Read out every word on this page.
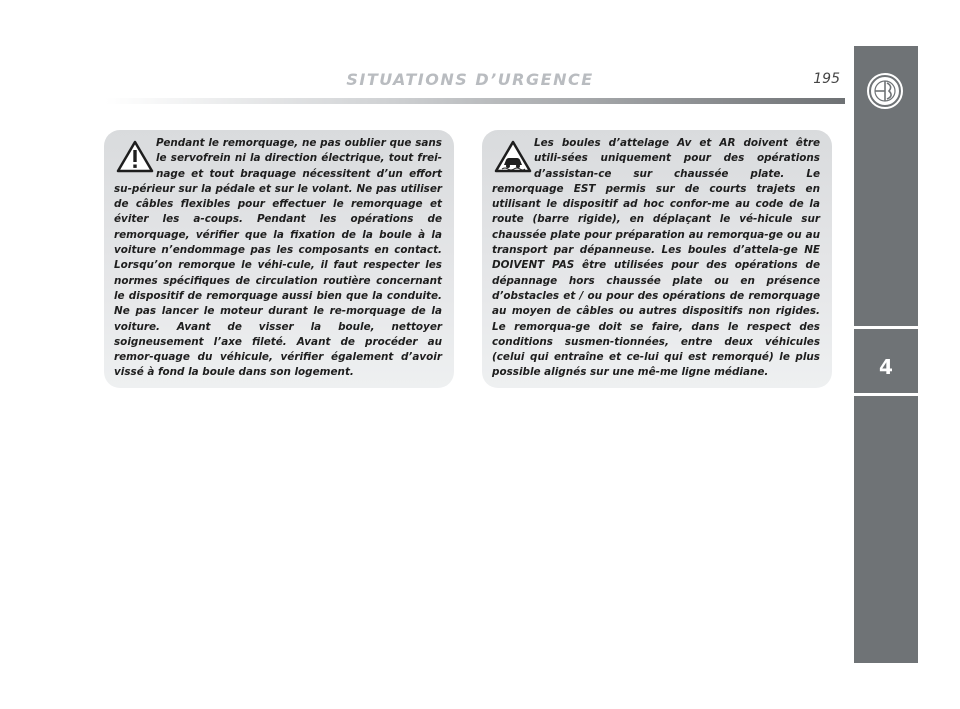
SITUATIONS D’URGENCE	195
4
Pendant le remorquage, ne pas oublier que sans le servofrein ni la direction électrique, tout frei-nage et tout braquage nécessitent d’un effort su-périeur sur la pédale et sur le volant. Ne pas utiliser de câbles flexibles pour effectuer le remorquage et éviter les a-coups. Pendant les opérations de remorquage, vérifier que la fixation de la boule à la voiture n’endommage pas les composants en contact. Lorsqu’on remorque le véhi-cule, il faut respecter les normes spécifiques de circulation routière concernant le dispositif de remorquage aussi bien que la conduite. Ne pas lancer le moteur durant le re-morquage de la voiture. Avant de visser la boule, nettoyer soigneusement l’axe fileté. Avant de procéder au remor-quage du véhicule, vérifier également d’avoir vissé à fond la boule dans son logement.
Les boules d’attelage Av et AR doivent être utili-sées uniquement pour des opérations d’assistan-ce sur chaussée plate. Le remorquage EST permis sur de courts trajets en utilisant le dispositif ad hoc confor-me au code de la route (barre rigide), en déplaçant le vé-hicule sur chaussée plate pour préparation au remorqua-ge ou au transport par dépanneuse. Les boules d’attela-ge NE DOIVENT PAS être utilisées pour des opérations de dépannage hors chaussée plate ou en présence d’obstacles et / ou pour des opérations de remorquage au moyen de câbles ou autres dispositifs non rigides. Le remorqua-ge doit se faire, dans le respect des conditions susmen-tionnées, entre deux véhicules (celui qui entraîne et ce-lui qui est remorqué) le plus possible alignés sur une mê-me ligne médiane.
